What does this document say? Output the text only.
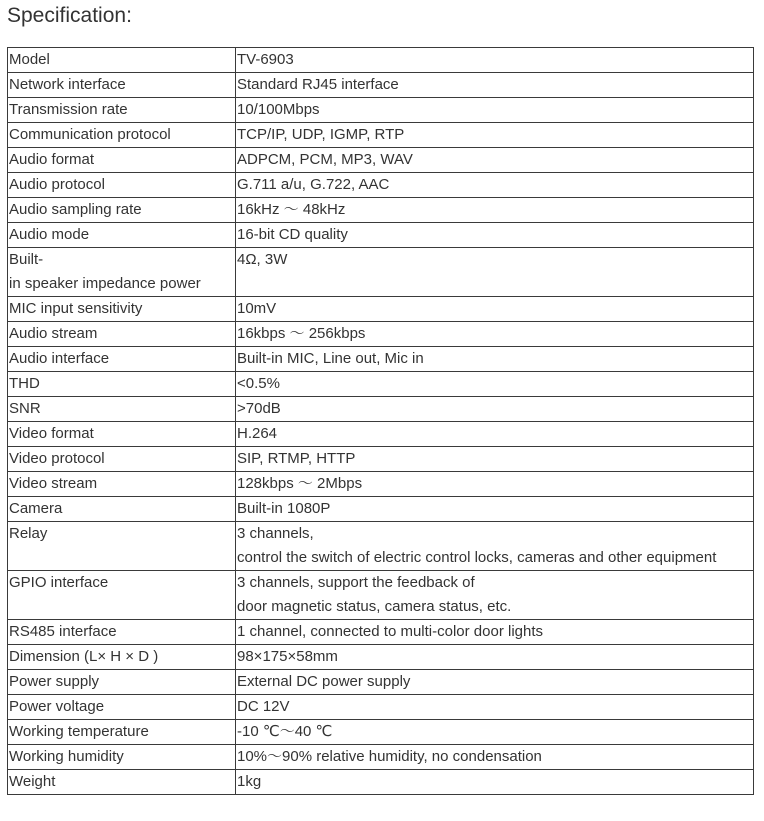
Specification:
Model	TV-6903

Network interface	Standard RJ45 interface

Transmission rate	10/100Mbps

Communication protocol	TCP/IP, UDP, IGMP, RTP

Audio format	ADPCM, PCM, MP3, WAV

Audio protocol	G.711 a/u, G.722, AAC

Audio sampling rate	16kHz ～ 48kHz

Audio mode	16-bit CD quality

Built-
in speaker impedance power	4Ω, 3W

MIC input sensitivity	10mV

Audio stream	16kbps ～ 256kbps

Audio interface	Built-in MIC, Line out, Mic in

THD	<0.5%

SNR	>70dB

Video format	H.264

Video protocol	SIP, RTMP, HTTP

Video stream	128kbps ～ 2Mbps

Camera	Built-in 1080P

Relay	3 channels,
control the switch of electric control locks, cameras and other equipment

GPIO interface	3 channels, support the feedback of
door magnetic status, camera status, etc.

RS485 interface	1 channel, connected to multi-color door lights

Dimension (L× H × D )	98×175×58mm

Power supply	External DC power supply

Power voltage	DC 12V

Working temperature	-10 ℃～40 ℃

Working humidity	10%～90% relative humidity, no condensation

Weight	1kg
